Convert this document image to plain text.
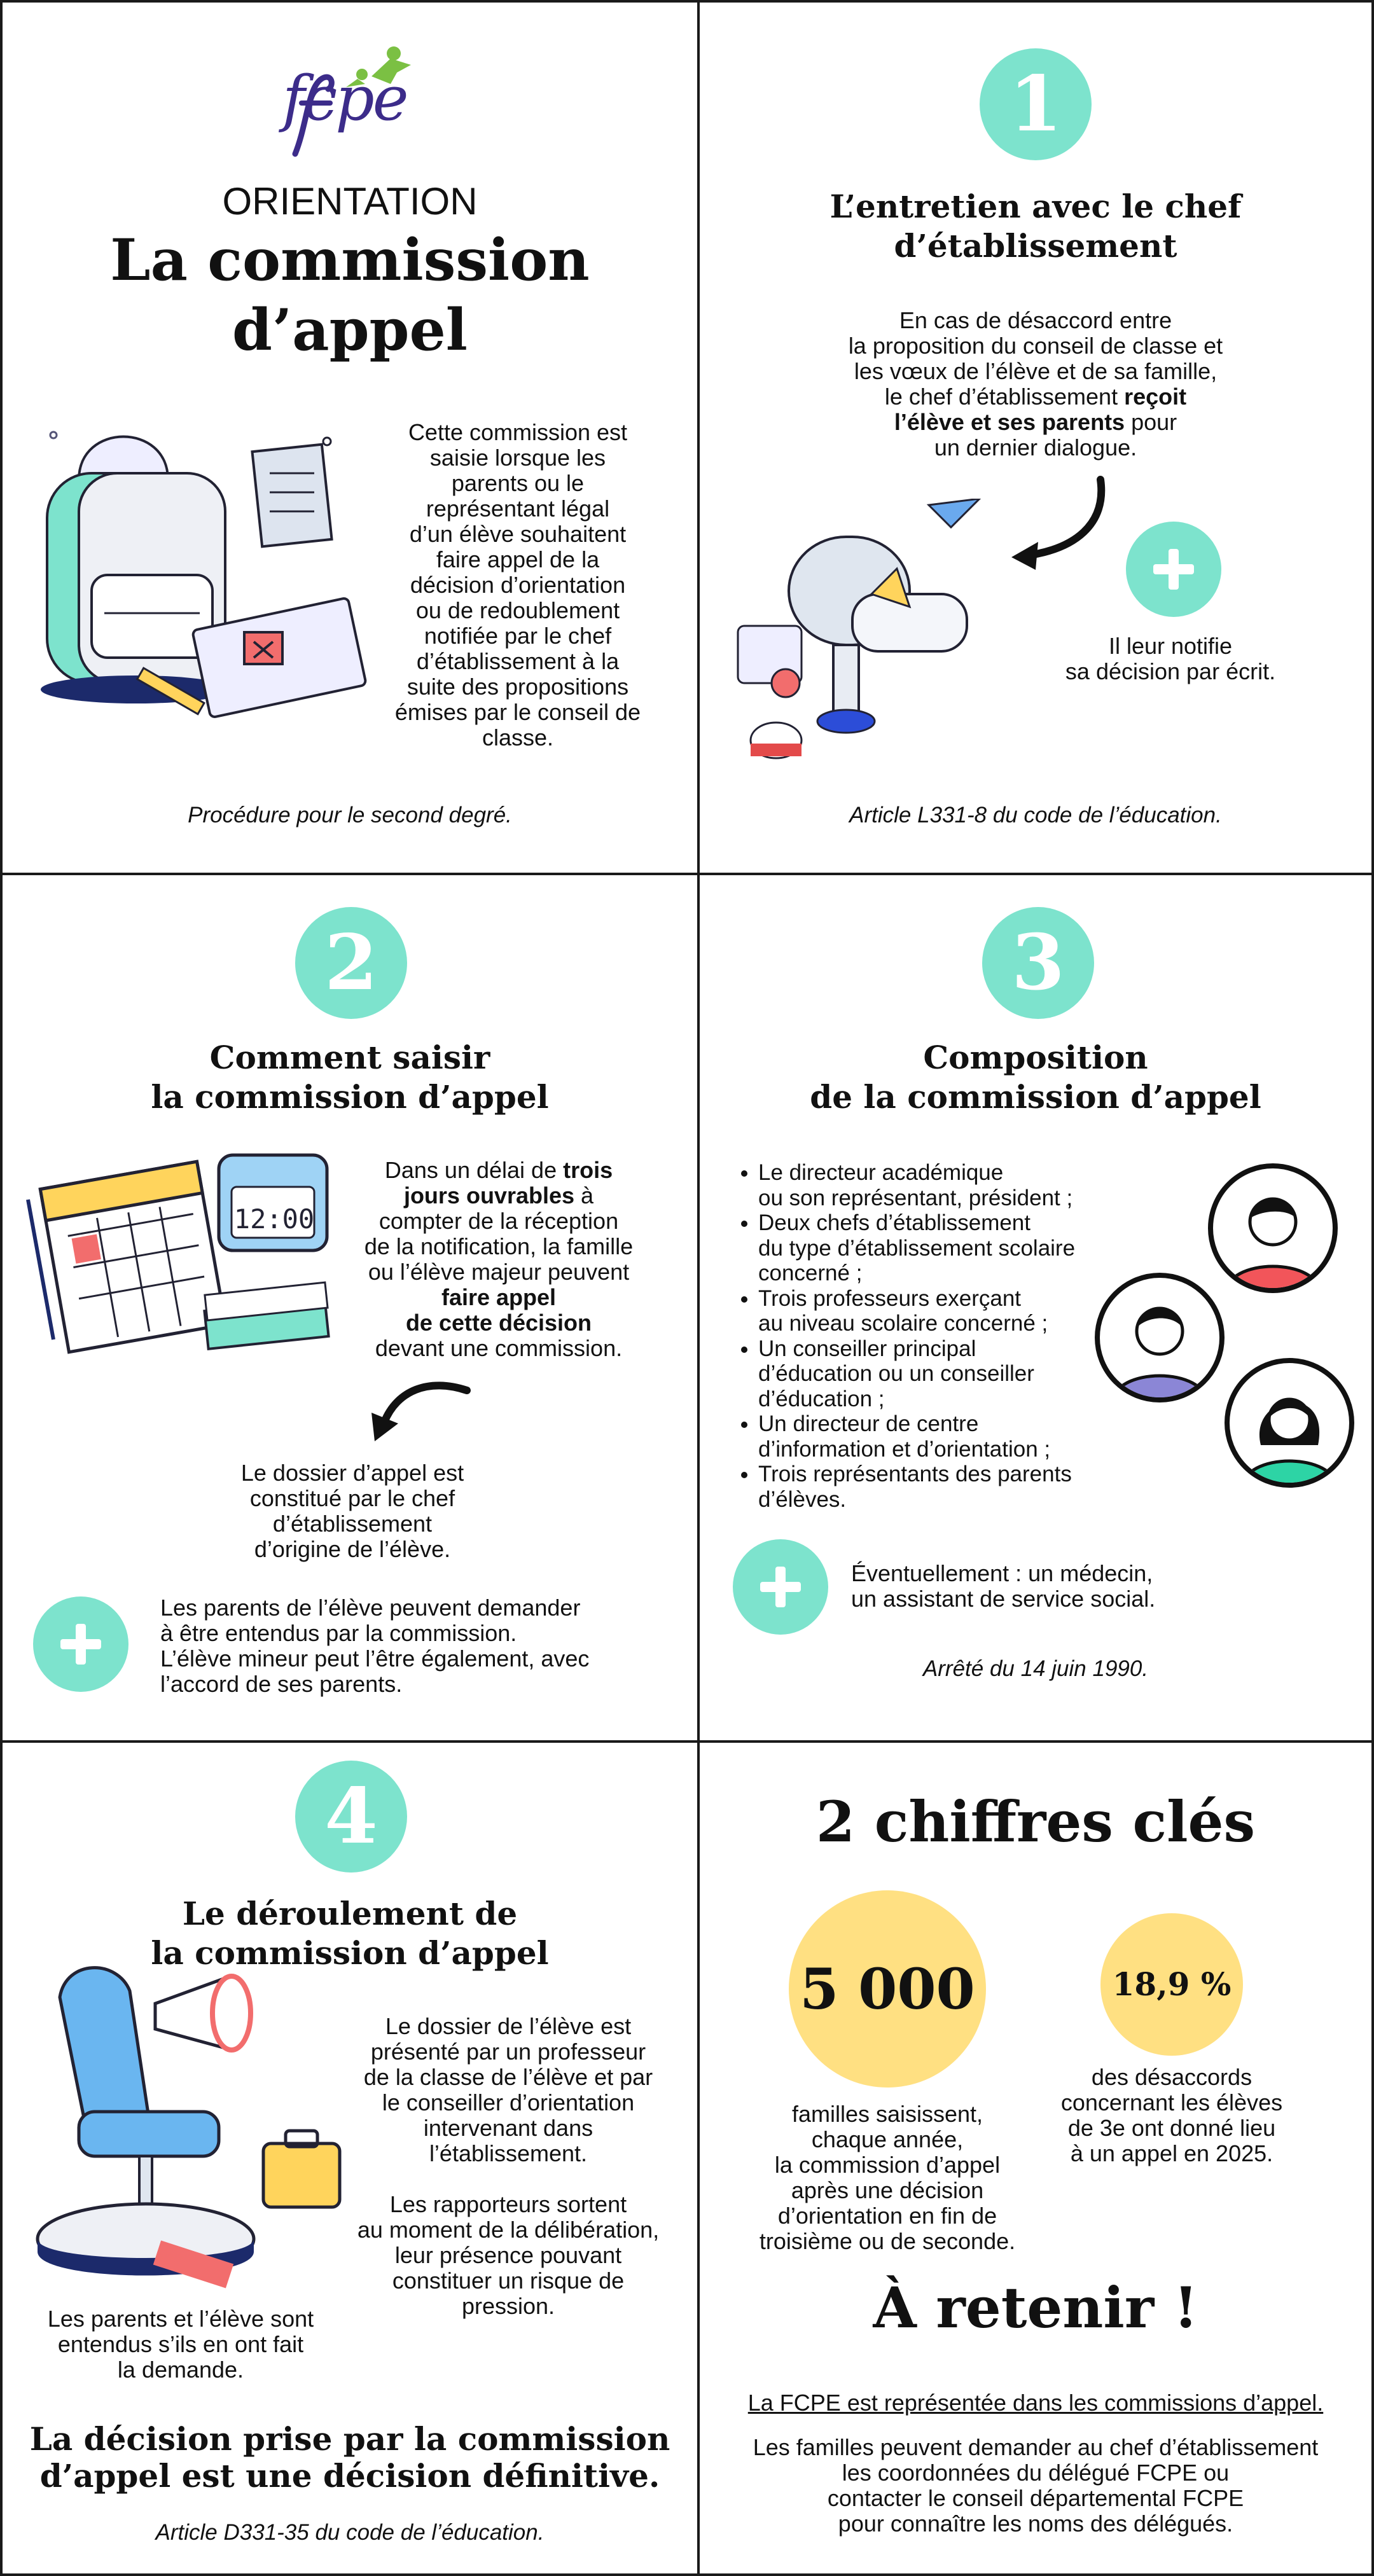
fcpe
ORIENTATION
La commission
d’appel
Cette commission est
saisie lorsque les
parents ou le
représentant légal
d’un élève souhaitent
faire appel de la
décision d’orientation
ou de redoublement
notifiée par le chef
d’établissement à la
suite des propositions
émises par le conseil de
classe.
Procédure pour le second degré.
1
L’entretien avec le chef
d’établissement
En cas de désaccord entre
la proposition du conseil de classe et
les vœux de l’élève et de sa famille,
le chef d’établissement reçoit
l’élève et ses parents pour
un dernier dialogue.
Il leur notifie
sa décision par écrit.
Article L331-8 du code de l’éducation.
2
Comment saisir
la commission d’appel
12:00
Dans un délai de trois
jours ouvrables à
compter de la réception
de la notification, la famille
ou l’élève majeur peuvent
faire appel
de cette décision
devant une commission.
Le dossier d’appel est
constitué par le chef
d’établissement
d’origine de l’élève.
Les parents de l’élève peuvent demander
à être entendus par la commission.
L’élève mineur peut l’être également, avec
l’accord de ses parents.
3
Composition
de la commission d’appel
• Le directeur académique
ou son représentant, président ;
• Deux chefs d’établissement
du type d’établissement scolaire
concerné ;
• Trois professeurs exerçant
au niveau scolaire concerné ;
• Un conseiller principal
d’éducation ou un conseiller
d’éducation ;
• Un directeur de centre
d’information et d’orientation ;
• Trois représentants des parents
d’élèves.
Éventuellement : un médecin,
un assistant de service social.
Arrêté du 14 juin 1990.
4
Le déroulement de
la commission d’appel
Le dossier de l’élève est
présenté par un professeur
de la classe de l’élève et par
le conseiller d’orientation
intervenant dans
l’établissement.
Les rapporteurs sortent
au moment de la délibération,
leur présence pouvant
constituer un risque de
pression.
Les parents et l’élève sont
entendus s’ils en ont fait
la demande.
La décision prise par la commission
d’appel est une décision définitive.
Article D331-35 du code de l’éducation.
2 chiffres clés
5 000	18,9 %
familles saisissent,
chaque année,
la commission d’appel
après une décision
d’orientation en fin de
troisième ou de seconde.
des désaccords
concernant les élèves
de 3e ont donné lieu
à un appel en 2025.
À retenir !
La FCPE est représentée dans les commissions d’appel.
Les familles peuvent demander au chef d’établissement
les coordonnées du délégué FCPE ou
contacter le conseil départemental FCPE
pour connaître les noms des délégués.
